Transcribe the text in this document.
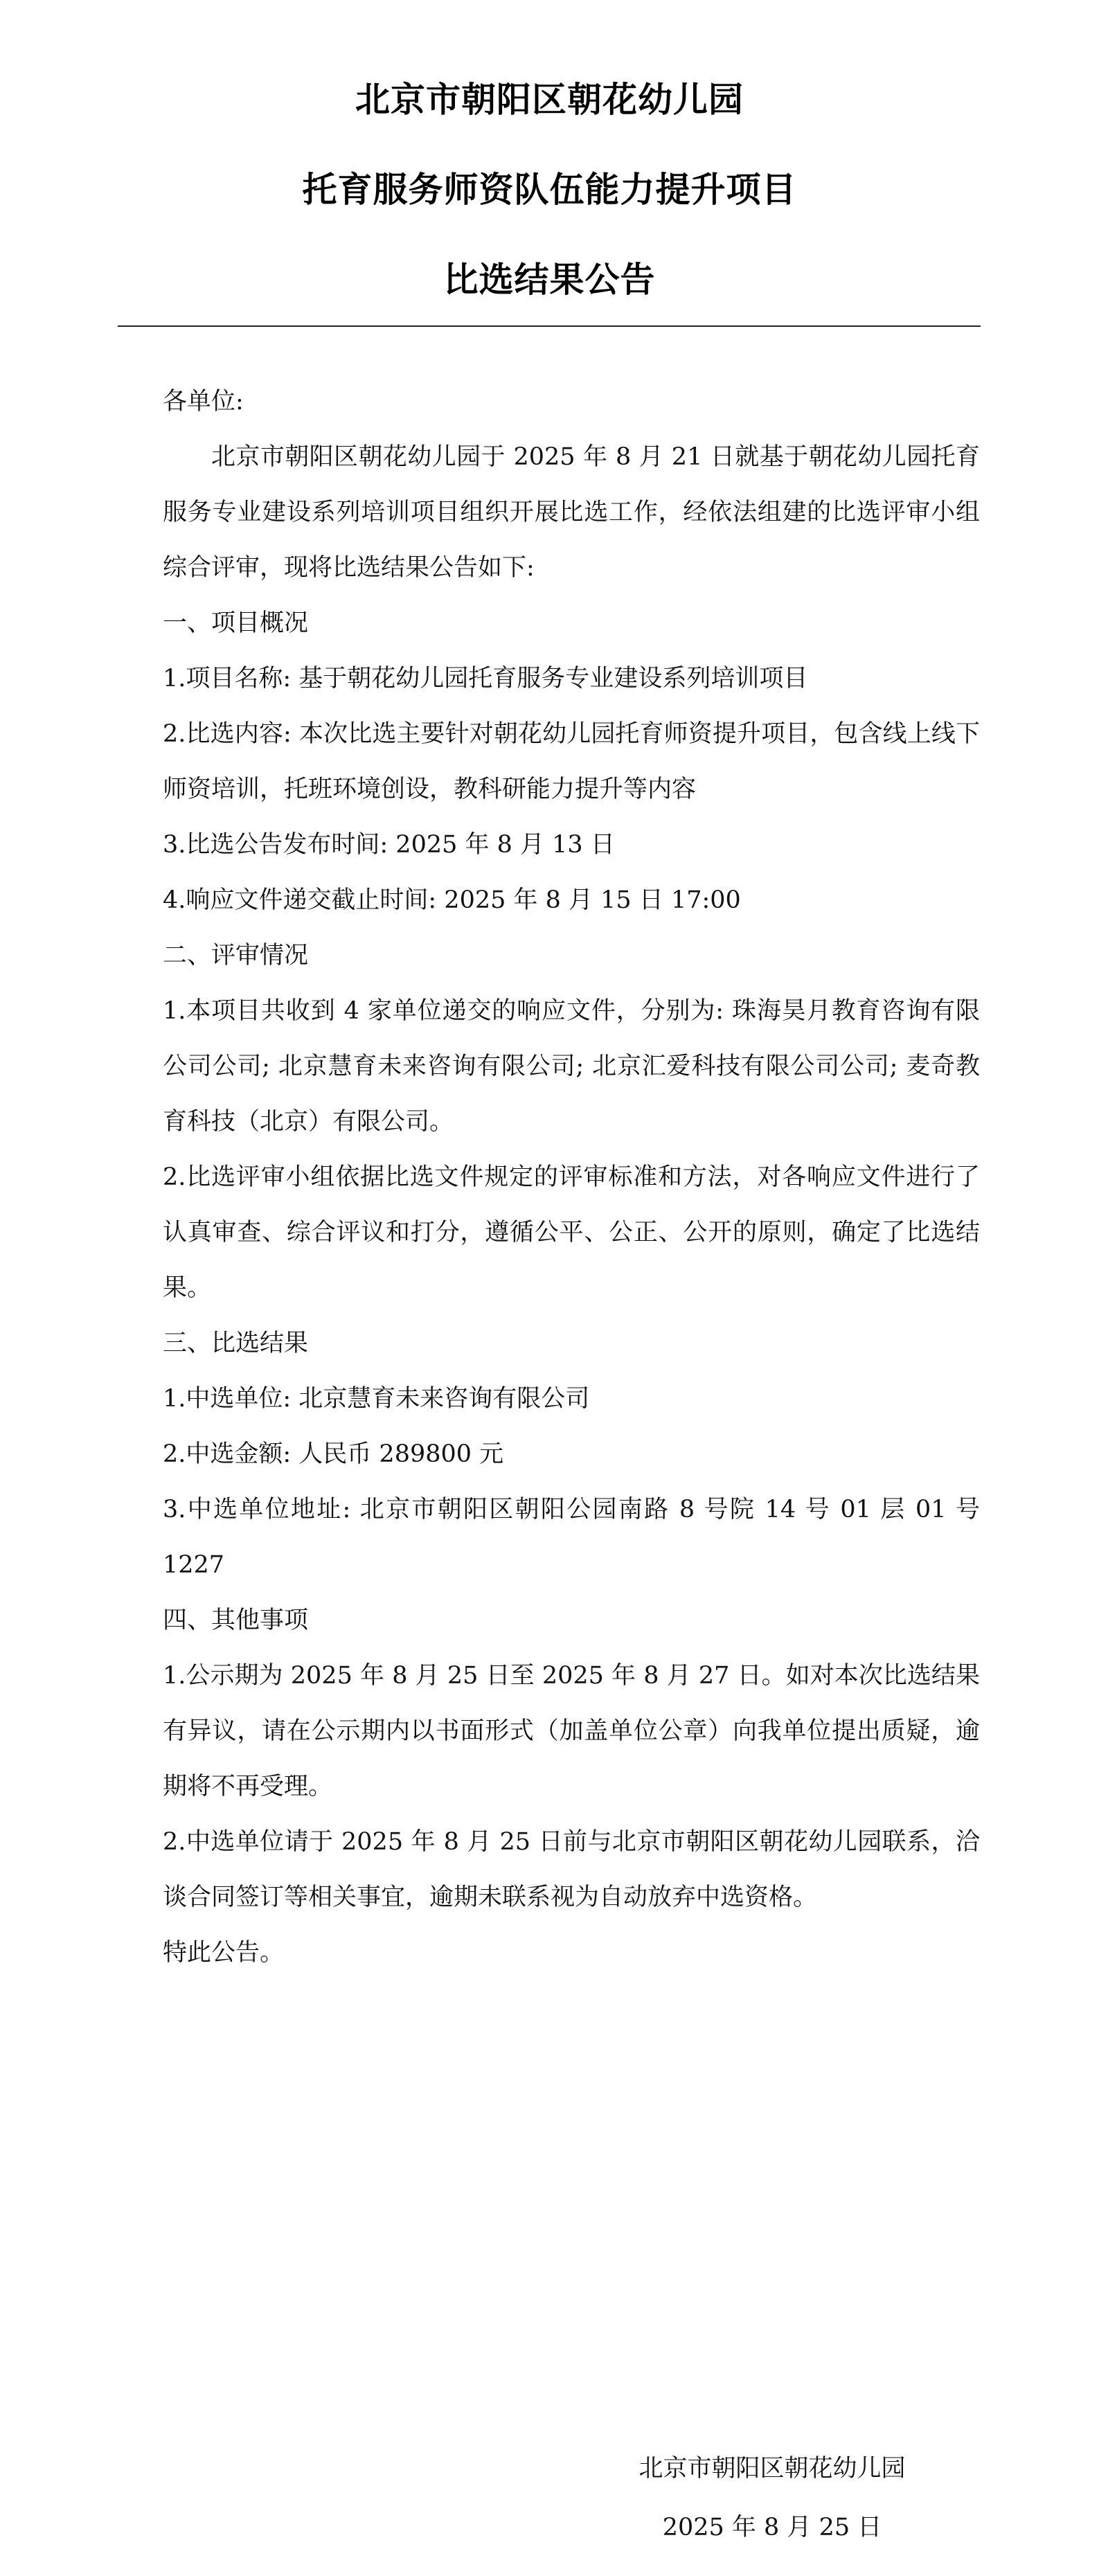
北京市朝阳区朝花幼儿园
托育服务师资队伍能力提升项目
比选结果公告

各单位:

北京市朝阳区朝花幼儿园于 2025 年 8 月 21 日就基于朝花幼儿园托育服务专业建设系列培训项目组织开展比选工作，经依法组建的比选评审小组综合评审，现将比选结果公告如下:

一、项目概况

1.项目名称: 基于朝花幼儿园托育服务专业建设系列培训项目

2.比选内容: 本次比选主要针对朝花幼儿园托育师资提升项目，包含线上线下师资培训，托班环境创设，教科研能力提升等内容

3.比选公告发布时间: 2025 年 8 月 13 日

4.响应文件递交截止时间: 2025 年 8 月 15 日 17:00

二、评审情况

1.本项目共收到 4 家单位递交的响应文件，分别为: 珠海昊月教育咨询有限公司公司; 北京慧育未来咨询有限公司; 北京汇爱科技有限公司公司; 麦奇教育科技（北京）有限公司。

2.比选评审小组依据比选文件规定的评审标准和方法，对各响应文件进行了认真审查、综合评议和打分，遵循公平、公正、公开的原则，确定了比选结果。

三、比选结果

1.中选单位: 北京慧育未来咨询有限公司

2.中选金额: 人民币 289800 元

3.中选单位地址: 北京市朝阳区朝阳公园南路 8 号院 14 号 01 层 01 号 1227

四、其他事项

1.公示期为 2025 年 8 月 25 日至 2025 年 8 月 27 日。如对本次比选结果有异议，请在公示期内以书面形式（加盖单位公章）向我单位提出质疑，逾期将不再受理。

2.中选单位请于 2025 年 8 月 25 日前与北京市朝阳区朝花幼儿园联系，洽谈合同签订等相关事宜，逾期未联系视为自动放弃中选资格。

特此公告。

北京市朝阳区朝花幼儿园
2025 年 8 月 25 日
